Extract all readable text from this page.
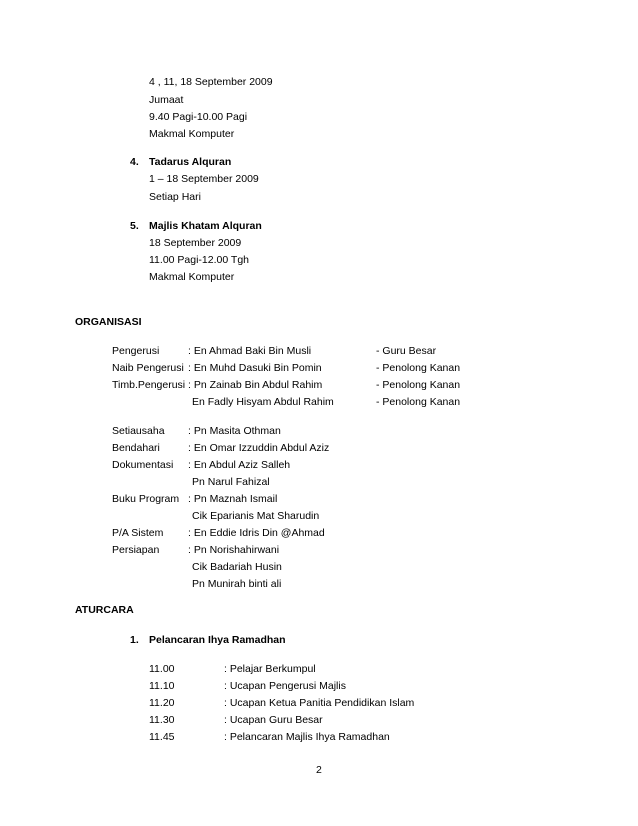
4 , 11, 18 September 2009
Jumaat
9.40 Pagi-10.00 Pagi
Makmal Komputer
4. Tadarus Alquran
1 – 18 September 2009
Setiap Hari
5. Majlis Khatam Alquran
18 September 2009
11.00 Pagi-12.00 Tgh
Makmal Komputer
ORGANISASI
Pengerusi	: En Ahmad Baki Bin Musli	- Guru Besar
Naib Pengerusi : En Muhd Dasuki Bin Pomin	- Penolong Kanan
Timb.Pengerusi : Pn Zainab Bin Abdul Rahim	- Penolong Kanan
En Fadly Hisyam Abdul Rahim	- Penolong Kanan
Setiausaha : Pn Masita Othman
Bendahari	: En Omar Izzuddin Abdul Aziz
Dokumentasi : En Abdul Aziz Salleh
Pn Narul Fahizal
Buku Program : Pn Maznah Ismail
Cik Eparianis Mat Sharudin
P/A Sistem : En Eddie Idris Din @Ahmad
Persiapan	: Pn Norishahirwani
Cik Badariah Husin
Pn Munirah binti ali
ATURCARA
1. Pelancaran Ihya Ramadhan
11.00	: Pelajar Berkumpul
11.10	: Ucapan Pengerusi Majlis
11.20	: Ucapan Ketua Panitia Pendidikan Islam
11.30	: Ucapan Guru Besar
11.45	: Pelancaran Majlis Ihya Ramadhan
2
